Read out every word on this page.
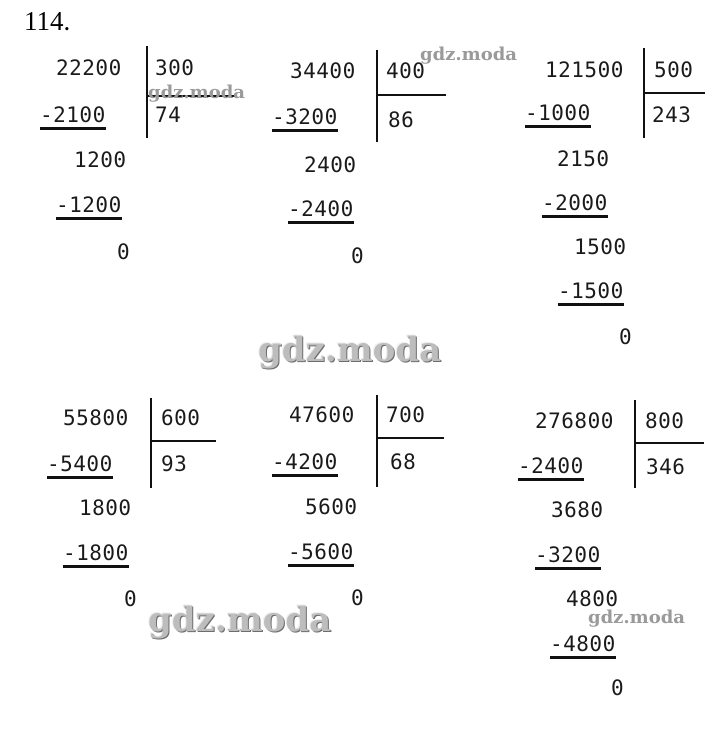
114.
22200 300
74
-2100
1200
-1200
0
34400 400
86
-3200
2400
-2400
0
121500 500
243
-1000
2150
-2000
1500
-1500
0
55800 600
93
-5400
1800
-1800
0
47600 700
68
-4200
5600
-5600
0
276800 800
346
-2400
3680
-3200
4800
-4800
0
gdz.moda
gdz.moda
gdz.moda
gdz.moda	gdz.moda
